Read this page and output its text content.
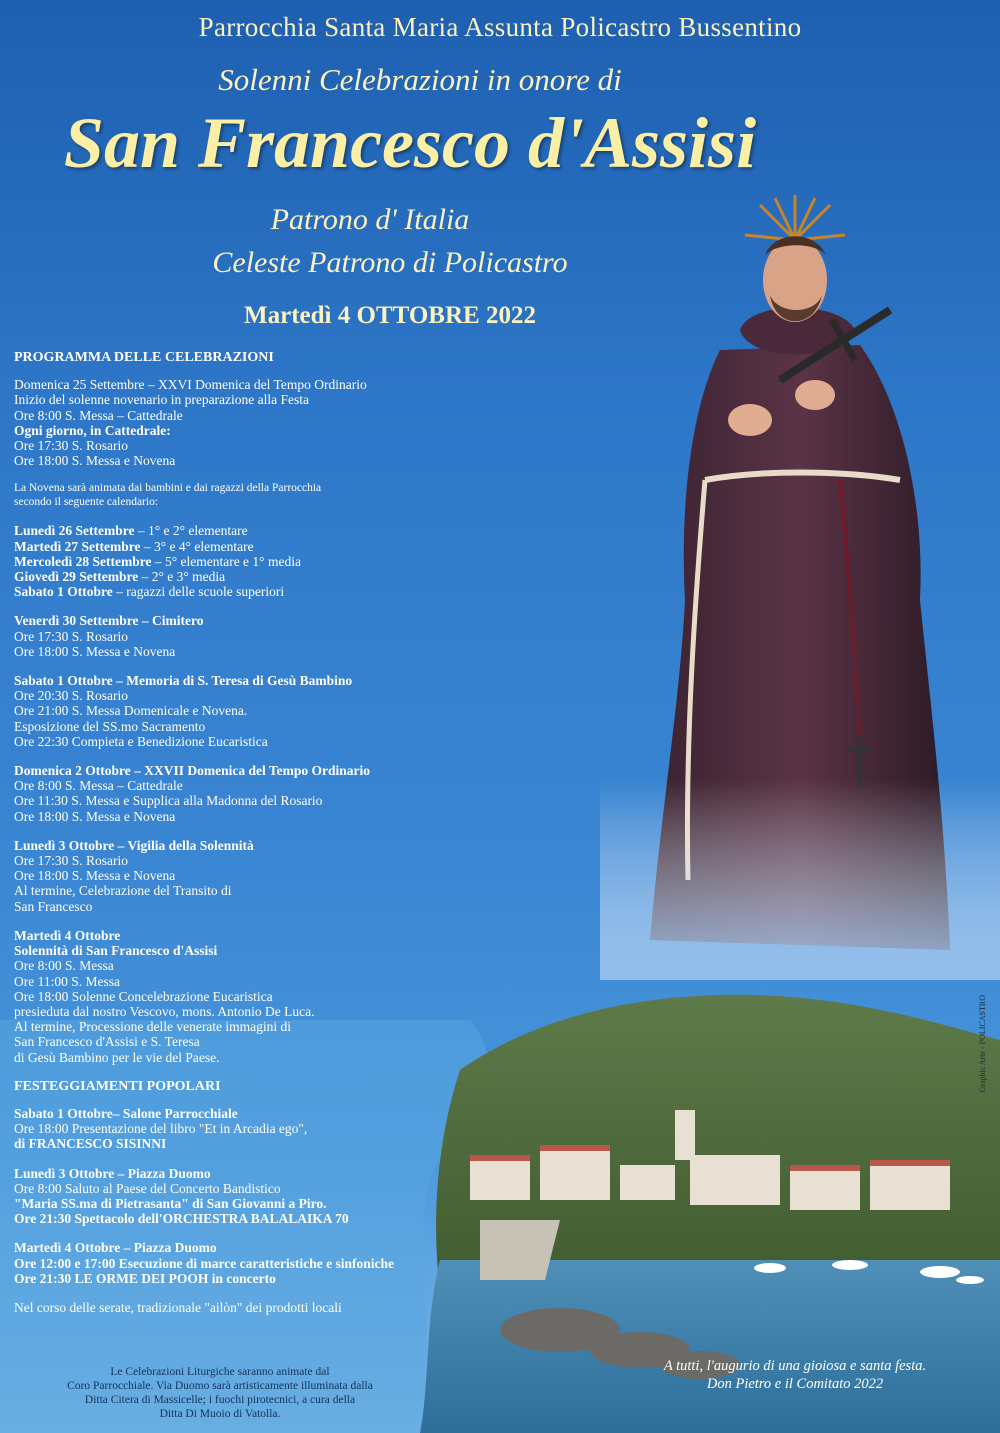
Parrocchia Santa Maria Assunta Policastro Bussentino
Solenni Celebrazioni in onore di
San Francesco d'Assisi
Patrono d' Italia
Celeste Patrono di Policastro
Martedì 4 OTTOBRE 2022
PROGRAMMA DELLE CELEBRAZIONI
Domenica 25 Settembre – XXVI Domenica del Tempo Ordinario
Inizio del solenne novenario in preparazione alla Festa
Ore 8:00 S. Messa – Cattedrale
Ogni giorno, in Cattedrale:
Ore 17:30 S. Rosario
Ore 18:00 S. Messa e Novena
La Novena sarà animata dai bambini e dai ragazzi della Parrocchia
secondo il seguente calendario:
Lunedì 26 Settembre – 1° e 2° elementare
Martedì 27 Settembre – 3° e 4° elementare
Mercoledì 28 Settembre – 5° elementare e 1° media
Giovedì 29 Settembre – 2° e 3° media
Sabato 1 Ottobre – ragazzi delle scuole superiori
Venerdì 30 Settembre – Cimitero
Ore 17:30 S. Rosario
Ore 18:00 S. Messa e Novena
Sabato 1 Ottobre – Memoria di S. Teresa di Gesù Bambino
Ore 20:30 S. Rosario
Ore 21:00 S. Messa Domenicale e Novena.
Esposizione del SS.mo Sacramento
Ore 22:30 Compieta e Benedizione Eucaristica
Domenica 2 Ottobre – XXVII Domenica del Tempo Ordinario
Ore 8:00 S. Messa – Cattedrale
Ore 11:30 S. Messa e Supplica alla Madonna del Rosario
Ore 18:00 S. Messa e Novena
Lunedì 3 Ottobre – Vigilia della Solennità
Ore 17:30 S. Rosario
Ore 18:00 S. Messa e Novena
Al termine, Celebrazione del Transito di
San Francesco
Martedì 4 Ottobre
Solennità di San Francesco d'Assisi
Ore 8:00 S. Messa
Ore 11:00 S. Messa
Ore 18:00 Solenne Concelebrazione Eucaristica
presieduta dal nostro Vescovo, mons. Antonio De Luca.
Al termine, Processione delle venerate immagini di
San Francesco d'Assisi e S. Teresa
di Gesù Bambino per le vie del Paese.
FESTEGGIAMENTI POPOLARI
Sabato 1 Ottobre– Salone Parrocchiale
Ore 18:00 Presentazione del libro "Et in Arcadia ego",
di FRANCESCO SISINNI
Lunedì 3 Ottobre – Piazza Duomo
Ore 8:00 Saluto al Paese del Concerto Bandistico
"Maria SS.ma di Pietrasanta" di San Giovanni a Piro.
Ore 21:30 Spettacolo dell'ORCHESTRA BALALAIKA 70
Martedì 4 Ottobre – Piazza Duomo
Ore 12:00 e 17:00 Esecuzione di marce caratteristiche e sinfoniche
Ore 21:30 LE ORME DEI POOH in concerto
Nel corso delle serate, tradizionale "ailòn" dei prodotti locali
Graphic Arte - POLICASTRO
Le Celebrazioni Liturgiche saranno animate dal
Coro Parrocchiale. Via Duomo sarà artisticamente illuminata dalla
Ditta Citera di Massicelle; i fuochi pirotecnici, a cura della
Ditta Di Muoio di Vatolla.
A tutti, l'augurio di una gioiosa e santa festa.
Don Pietro e il Comitato 2022
